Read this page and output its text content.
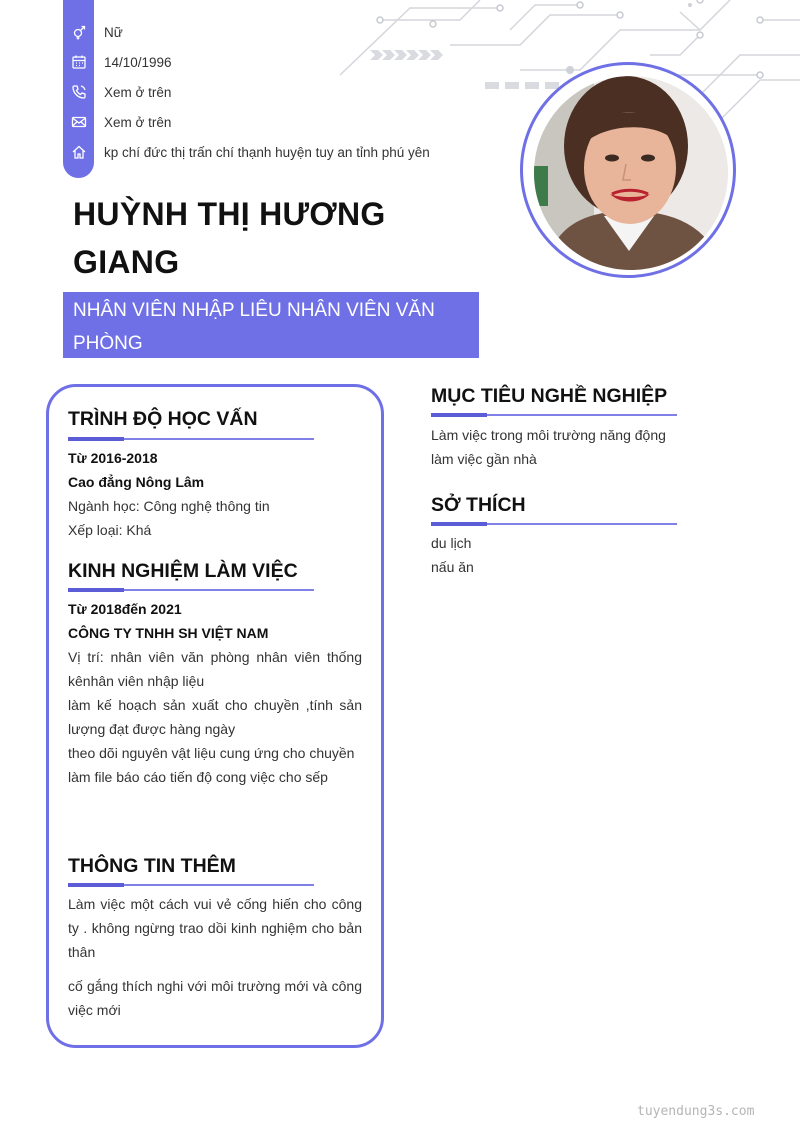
Nữ
14/10/1996
Xem ở trên
Xem ở trên
kp chí đức thị trấn chí thạnh huyện tuy an tỉnh phú yên
HUỲNH THỊ HƯƠNG GIANG
NHÂN VIÊN NHẬP LIÊU NHÂN VIÊN VĂN PHÒNG
TRÌNH ĐỘ HỌC VẤN
Từ 2016-2018
Cao đẳng Nông Lâm
Ngành học: Công nghệ thông tin
Xếp loại: Khá
KINH NGHIỆM LÀM VIỆC
Từ 2018đến 2021
CÔNG TY TNHH SH VIỆT NAM
Vị trí: nhân viên văn phòng nhân viên thống kênhân viên nhập liệu
làm kế hoạch sản xuất cho chuyền ,tính sản lượng đạt được hàng ngày
theo dõi nguyên vật liệu cung ứng cho chuyền
làm file báo cáo tiến độ cong việc cho sếp
THÔNG TIN THÊM
Làm việc một cách vui vẻ cống hiến cho công ty . không ngừng trao dồi kinh nghiệm cho bản thân
cố gắng thích nghi với môi trường mới và công việc mới
MỤC TIÊU NGHỀ NGHIỆP
Làm việc trong môi trường năng động
làm việc gần nhà
SỞ THÍCH
du lịch
nấu ăn
tuyendung3s.com
